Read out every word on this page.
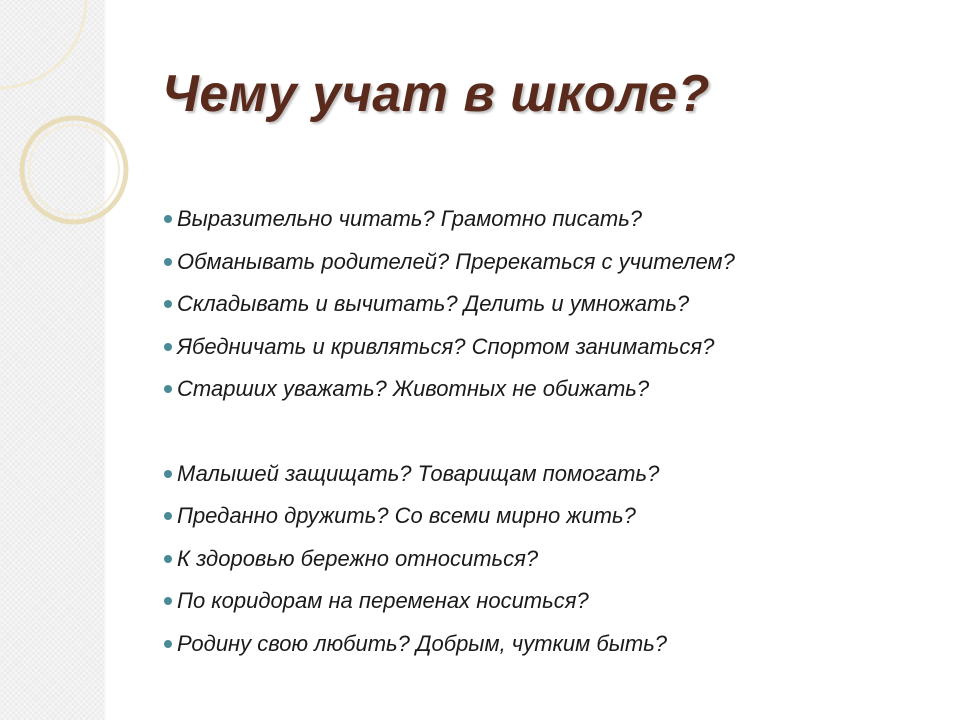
Чему учат в школе?
Выразительно читать? Грамотно писать?
Обманывать родителей? Пререкаться с учителем?
Складывать и вычитать? Делить и умножать?
Ябедничать и кривляться? Спортом заниматься?
Старших уважать? Животных не обижать?
Малышей защищать? Товарищам помогать?
Преданно дружить? Со всеми мирно жить?
К здоровью бережно относиться?
По коридорам на переменах носиться?
Родину свою любить? Добрым, чутким быть?
